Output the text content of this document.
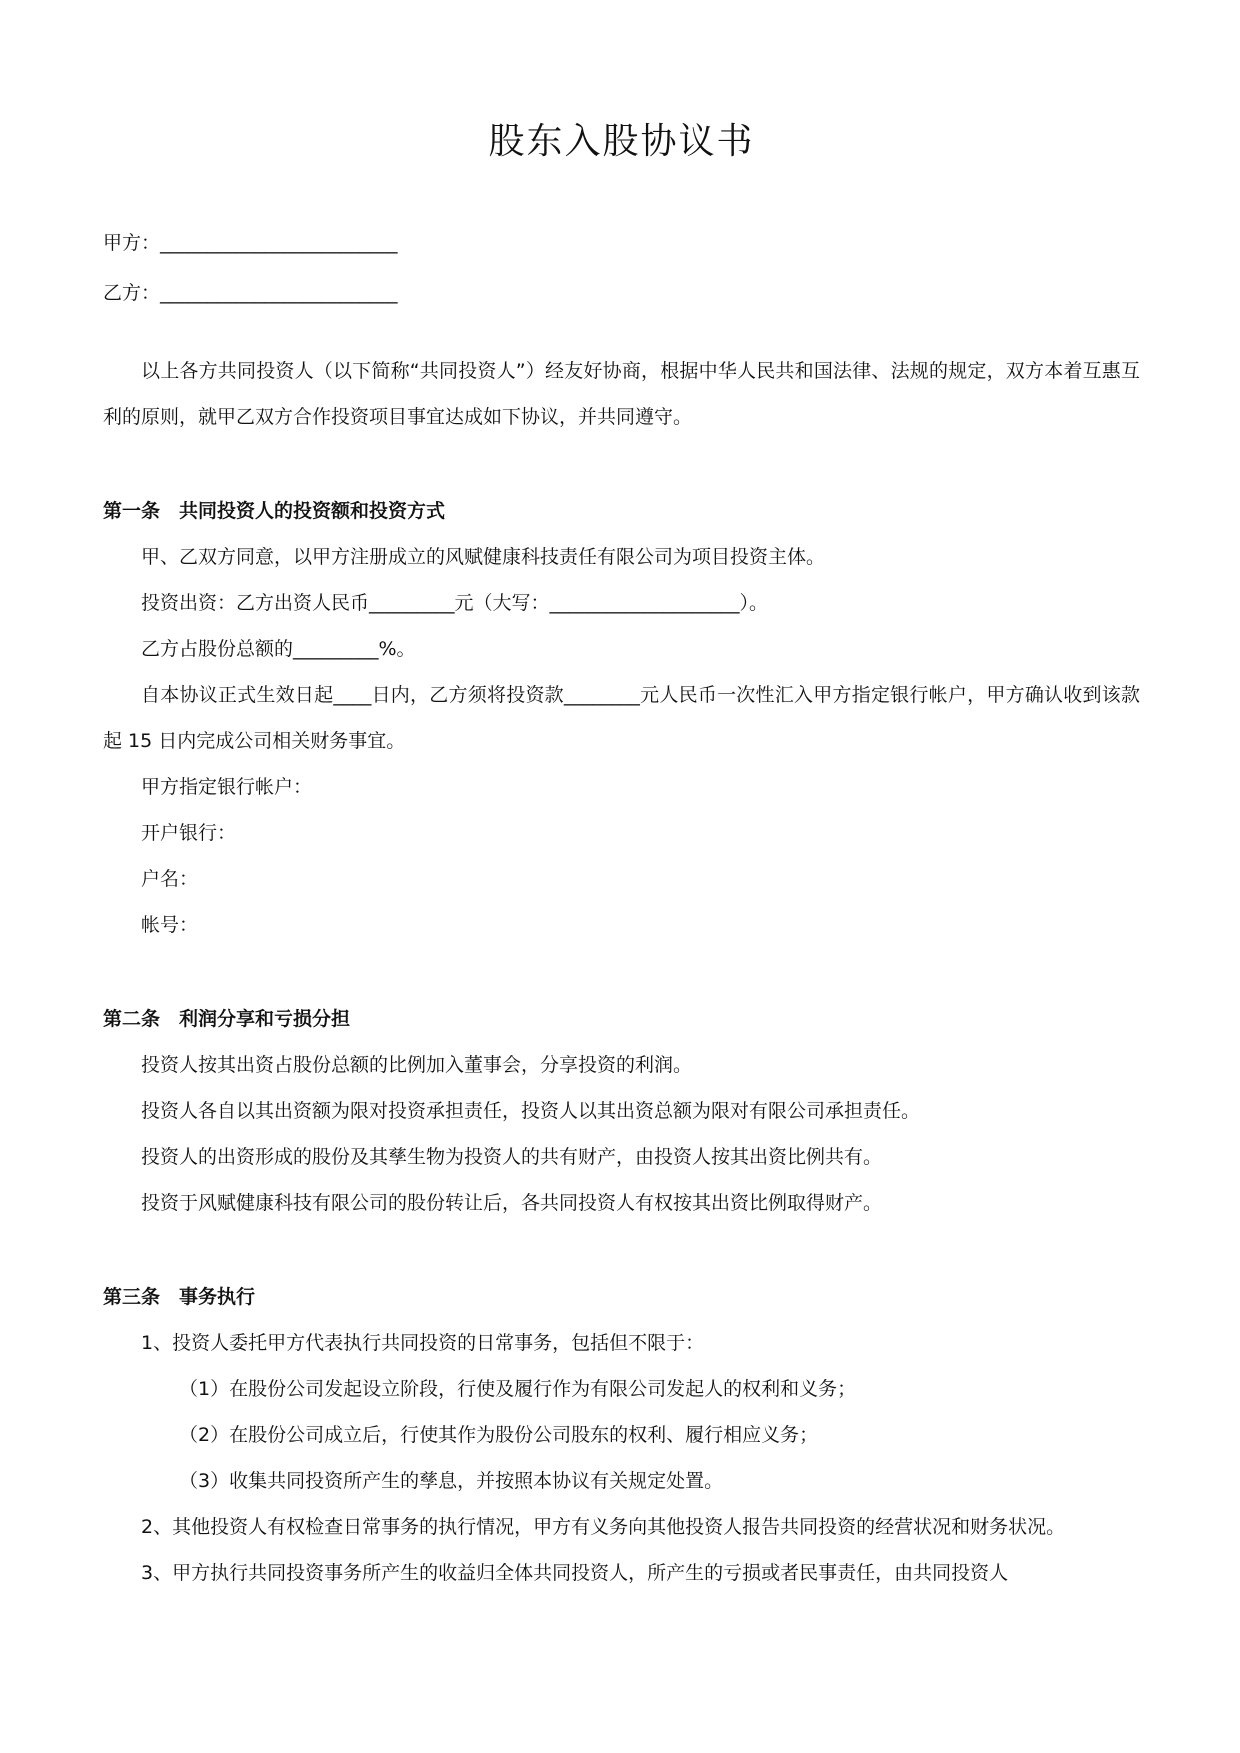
股东入股协议书

甲方：_________________________

乙方：_________________________

以上各方共同投资人（以下简称“共同投资人”）经友好协商，根据中华人民共和国法律、法规的规定，双方本着互惠互利的原则，就甲乙双方合作投资项目事宜达成如下协议，并共同遵守。

第一条　共同投资人的投资额和投资方式

甲、乙双方同意，以甲方注册成立的风赋健康科技责任有限公司为项目投资主体。

投资出资：乙方出资人民币_________元（大写：____________________）。

乙方占股份总额的_________%。

自本协议正式生效日起____日内，乙方须将投资款________元人民币一次性汇入甲方指定银行帐户，甲方确认收到该款起 15 日内完成公司相关财务事宜。

甲方指定银行帐户：

开户银行：

户名：

帐号：

第二条　利润分享和亏损分担

投资人按其出资占股份总额的比例加入董事会，分享投资的利润。

投资人各自以其出资额为限对投资承担责任，投资人以其出资总额为限对有限公司承担责任。

投资人的出资形成的股份及其孳生物为投资人的共有财产，由投资人按其出资比例共有。

投资于风赋健康科技有限公司的股份转让后，各共同投资人有权按其出资比例取得财产。

第三条　事务执行

1、投资人委托甲方代表执行共同投资的日常事务，包括但不限于：

（1）在股份公司发起设立阶段，行使及履行作为有限公司发起人的权利和义务；

（2）在股份公司成立后，行使其作为股份公司股东的权利、履行相应义务；

（3）收集共同投资所产生的孳息，并按照本协议有关规定处置。

2、其他投资人有权检查日常事务的执行情况，甲方有义务向其他投资人报告共同投资的经营状况和财务状况。

3、甲方执行共同投资事务所产生的收益归全体共同投资人，所产生的亏损或者民事责任，由共同投资人
